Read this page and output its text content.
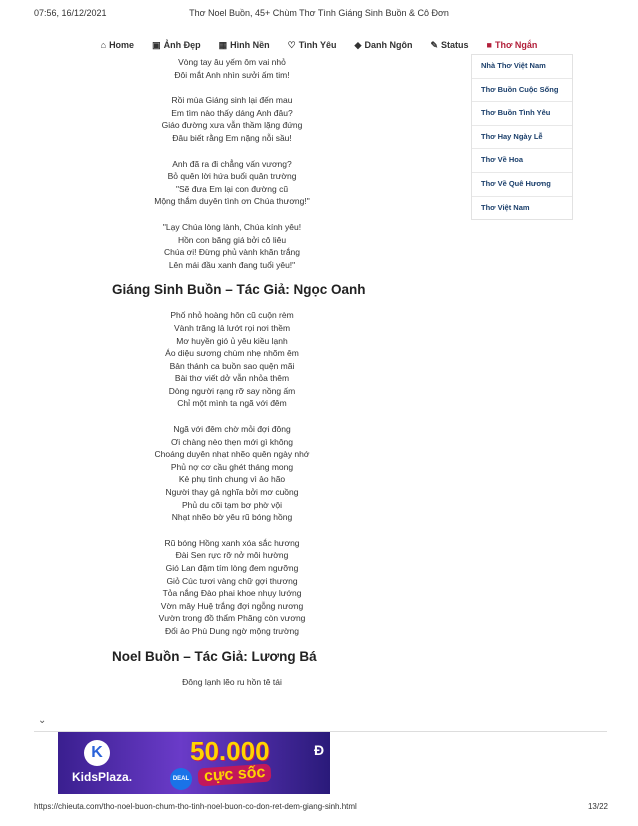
07:56, 16/12/2021	Thơ Noel Buồn, 45+ Chùm Thơ Tình Giáng Sinh Buồn & Cô Đơn
⌂ Home ▣ Ảnh Đẹp ▦ Hình Nền ♡ Tình Yêu ◆ Danh Ngôn ✎ Status ■ Thơ Ngắn
Vòng tay âu yếm ôm vai nhỏ
Đôi mắt Anh nhìn sưởi ấm tim!
Rồi mùa Giáng sinh lại đến mau
Em tìm nào thấy dáng Anh đâu?
Giáo đường xưa vẫn thầm lặng đứng
Đâu biết rằng Em nặng nỗi sầu!
Anh đã ra đi chẳng vấn vương?
Bỏ quên lời hứa buổi quân trường
"Sẽ đưa Em lại con đường cũ
Mộng thắm duyên tình ơn Chúa thương!"
"Lạy Chúa lòng lành, Chúa kính yêu!
Hồn con băng giá bởi cô liêu
Chúa ơi! Đừng phủ vành khăn trắng
Lên mái đầu xanh đang tuổi yêu!"
Giáng Sinh Buồn – Tác Giả: Ngọc Oanh
Phố nhỏ hoàng hôn cũ cuộn rèm
Vành trăng lả lướt rọi nơi thềm
Mơ huyền gió ủ yêu kiều lạnh
Áo diệu sương chùm nhẹ nhõm êm
Bản thánh ca buồn sao quện mãi
Bài thơ viết dở vẫn nhỏa thêm
Dòng người rạng rỡ say nồng ấm
Chỉ một mình ta ngã với đêm
Ngã với đêm chờ mỏi đợi đông
Ơi chàng nèo thẹn mới gì không
Choáng duyên nhạt nhẽo quên ngày nhớ
Phủ nợ cơ cầu ghét tháng mong
Kẻ phụ tình chung vì ảo hão
Người thay gả nghĩa bởi mơ cuồng
Phủ du cõi tạm bơ phờ vội
Nhạt nhẽo bờ yêu rũ bóng hồng
Rũ bóng Hồng xanh xóa sắc hương
Đài Sen rực rỡ nở môi hường
Gió Lan đậm tím lòng đem ngưỡng
Giỏ Cúc tươi vàng chữ gợi thương
Tỏa nắng Đào phai khoe nhụy lướng
Vờn mây Huệ trắng đợi ngỗng nương
Vườn trong đồ thẩm Phăng còn vương
Đổi ảo Phù Dung ngờ mộng trường
Noel Buồn – Tác Giả: Lương Bá
Đông lạnh lẽo ru hồn tê tái
Nhà Thơ Việt Nam
Thơ Buồn Cuộc Sống
Thơ Buồn Tình Yêu
Thơ Hay Ngày Lễ
Thơ Về Hoa
Thơ Về Quê Hương
Thơ Việt Nam
⌄
K
KidsPlaza.	DEAL
50.000	Đ
cực sốc
https://chieuta.com/tho-noel-buon-chum-tho-tinh-noel-buon-co-don-ret-dem-giang-sinh.html	13/22
